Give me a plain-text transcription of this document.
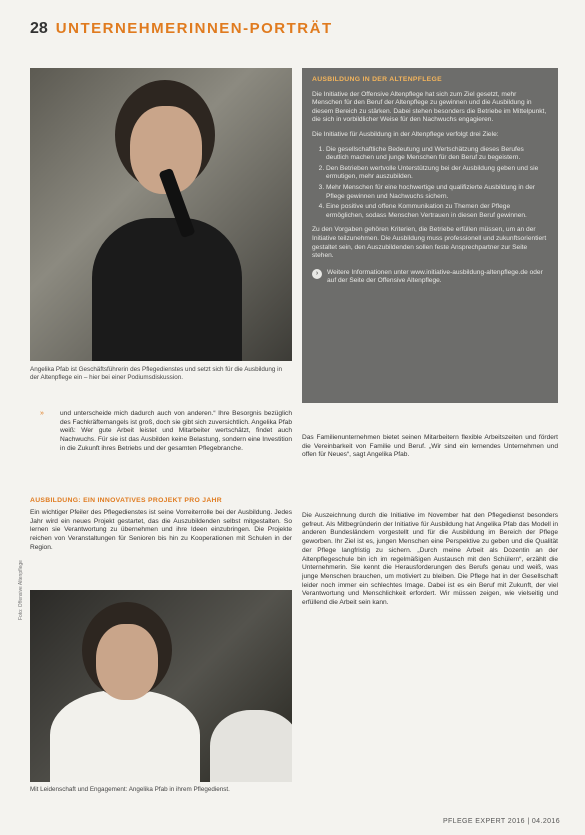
28 UNTERNEHMERINNEN-PORTRÄT
Angelika Pfab ist Geschäftsführerin des Pflegedienstes und setzt sich für die Ausbildung in der Altenpflege ein – hier bei einer Podiumsdiskussion.
AUSBILDUNG IN DER ALTENPFLEGE

Die Initiative der Offensive Altenpflege hat sich zum Ziel gesetzt, mehr Menschen für den Beruf der Altenpflege zu gewinnen und die Ausbildung in diesem Bereich zu stärken. Dabei stehen besonders die Betriebe im Mittelpunkt, die sich in vorbildlicher Weise für den Nachwuchs engagieren.

Die Initiative für Ausbildung in der Altenpflege verfolgt drei Ziele:

1. Die gesellschaftliche Bedeutung und Wertschätzung dieses Berufes deutlich machen und junge Menschen für den Beruf zu begeistern.
2. Den Betrieben wertvolle Unterstützung bei der Ausbildung geben und sie ermutigen, mehr auszubilden.
3. Mehr Menschen für eine hochwertige und qualifizierte Ausbildung in der Pflege gewinnen und Nachwuchs sichern.
4. Eine positive und offene Kommunikation zu Themen der Pflege ermöglichen, sodass Menschen Vertrauen in diesen Beruf gewinnen.

Zu den Vorgaben gehören Kriterien, die Betriebe erfüllen müssen, um an der Initiative teilzunehmen. Die Ausbildung muss professionell und zukunftsorientiert gestaltet sein, den Auszubildenden sollen feste Ansprechpartner zur Seite stehen.

›	Weitere Informationen unter www.initiative-ausbildung-altenpflege.de oder auf der Seite der Offensive Altenpflege.
» und unterscheide mich dadurch auch von anderen.“ Ihre Besorgnis bezüglich des Fachkräftemangels ist groß, doch sie gibt sich zuversichtlich. Angelika Pfab weiß: Wer gute Arbeit leistet und Mitarbeiter wertschätzt, findet auch Nachwuchs. Für sie ist das Ausbilden keine Belastung, sondern eine Investition in die Zukunft ihres Betriebs und der gesamten Pflegebranche.
AUSBILDUNG: EIN INNOVATIVES PROJEKT PRO JAHR
Ein wichtiger Pfeiler des Pflegedienstes ist seine Vorreiterrolle bei der Ausbildung. Jedes Jahr wird ein neues Projekt gestartet, das die Auszubildenden selbst mitgestalten. So lernen sie Verantwortung zu übernehmen und ihre Ideen einzubringen. Die Projekte reichen von Veranstaltungen für Senioren bis hin zu Kooperationen mit Schulen in der Region.
Das Familienunternehmen bietet seinen Mitarbeitern flexible Arbeitszeiten und fördert die Vereinbarkeit von Familie und Beruf. „Wir sind ein lernendes Unternehmen und offen für Neues“, sagt Angelika Pfab.
Die Auszeichnung durch die Initiative im November hat den Pflegedienst besonders gefreut. Als Mitbegründerin der Initiative für Ausbildung hat Angelika Pfab das Modell in anderen Bundesländern vorgestellt und für die Ausbildung im Bereich der Pflege geworben. Ihr Ziel ist es, jungen Menschen eine Perspektive zu geben und die Qualität der Pflege langfristig zu sichern. „Durch meine Arbeit als Dozentin an der Altenpflegeschule bin ich im regelmäßigen Austausch mit den Schülern“, erzählt die Unternehmerin. Sie kennt die Herausforderungen des Berufs genau und weiß, was junge Menschen brauchen, um motiviert zu bleiben. Die Pflege hat in der Gesellschaft leider noch immer ein schlechtes Image. Dabei ist es ein Beruf mit Zukunft, der viel Verantwortung und Menschlichkeit erfordert. Wir müssen zeigen, wie vielseitig und erfüllend die Arbeit sein kann.
Foto: Offensive Altenpflege
Mit Leidenschaft und Engagement: Angelika Pfab in ihrem Pflegedienst.
PFLEGE EXPERT 2016 | 04.2016
